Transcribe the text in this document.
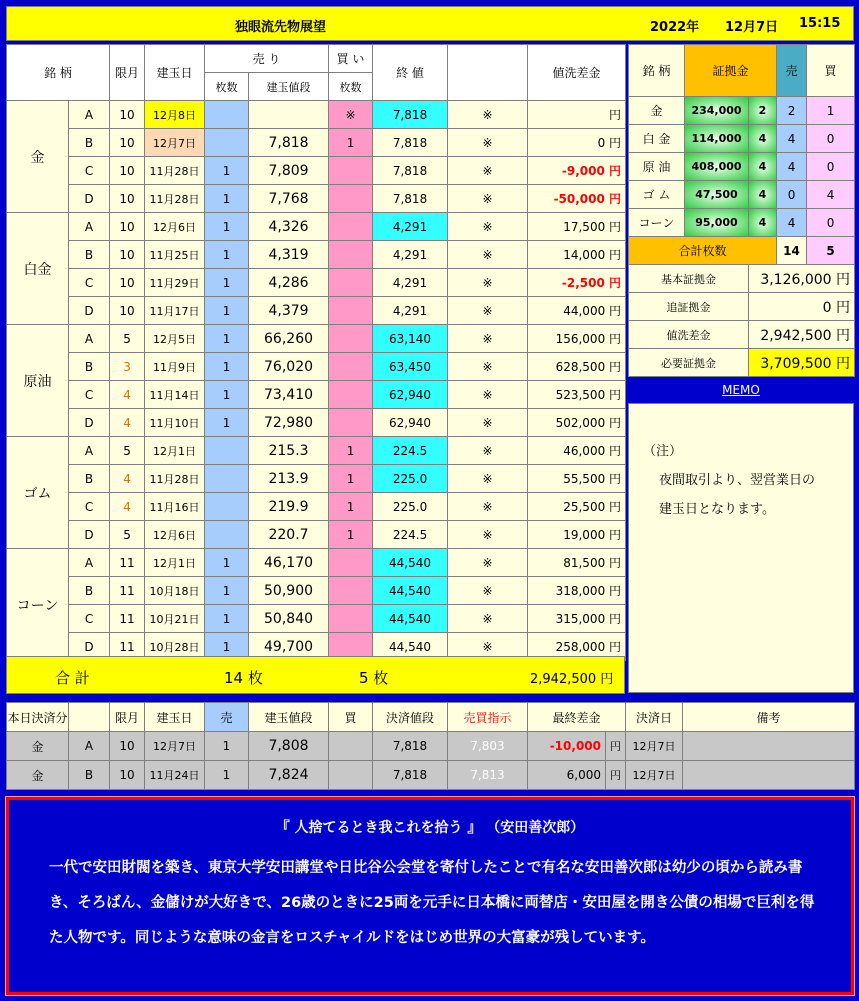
独眼流先物展望	2022年 12月7日 15:15
銘 柄		限月	建玉日	売 り		買 い	終 値	売買指示	値洗差金
				枚数	建玉値段	枚数			
金	A	10	12月8日			※	7,818	※	円
	B	10	12月7日		7,818	1	7,818	※	0 円
	C	10	11月28日	1	7,809		7,818	※	-9,000 円
	D	10	11月28日	1	7,768		7,818	※	-50,000 円
白金	A	10	12月6日	1	4,326		4,291	※	17,500 円
	B	10	11月25日	1	4,319		4,291	※	14,000 円
	C	10	11月29日	1	4,286		4,291	※	-2,500 円
	D	10	11月17日	1	4,379		4,291	※	44,000 円
原油	A	5	12月5日	1	66,260		63,140	※	156,000 円
	B	3	11月9日	1	76,020		63,450	※	628,500 円
	C	4	11月14日	1	73,410		62,940	※	523,500 円
	D	4	11月10日	1	72,980		62,940	※	502,000 円
ゴム	A	5	12月1日		215.3	1	224.5	※	46,000 円
	B	4	11月28日		213.9	1	225.0	※	55,500 円
	C	4	11月16日		219.9	1	225.0	※	25,500 円
	D	5	12月6日		220.7	1	224.5	※	19,000 円
コーン	A	11	12月1日	1	46,170		44,540	※	81,500 円
	B	11	10月18日	1	50,900		44,540	※	318,000 円
	C	11	10月21日	1	50,840		44,540	※	315,000 円
	D	11	10月28日	1	49,700		44,540	※	258,000 円
合 計	14 枚	5 枚	2,942,500 円
銘 柄	証拠金		売	買
金	234,000	2	2	1
白 金	114,000	4	4	0
原 油	408,000	4	4	0
ゴ ム	47,500	4	0	4
コーン	95,000	4	4	0
合計枚数			14	5
基本証拠金		3,126,000 円		
追証拠金		0 円		
値洗差金		2,942,500 円		
必要証拠金		3,709,500 円		
MEMO
（注）
夜間取引より、翌営業日の
建玉日となります。
本日決済分		限月	建玉日	売	建玉値段	買	決済値段	売買指示	最終差金		決済日	備考
金	A	10	12月7日	1	7,808		7,818	7,803	-10,000	円	12月7日	
金	B	10	11月24日	1	7,824		7,818	7,813	6,000	円	12月7日	
『 人捨てるとき我これを拾う 』 （安田善次郎）
一代で安田財閥を築き、東京大学安田講堂や日比谷公会堂を寄付したことで有名な安田善次郎は幼少の頃から読み書き、そろばん、金儲けが大好きで、26歳のときに25両を元手に日本橋に両替店・安田屋を開き公債の相場で巨利を得た人物です。同じような意味の金言をロスチャイルドをはじめ世界の大富豪が残しています。
